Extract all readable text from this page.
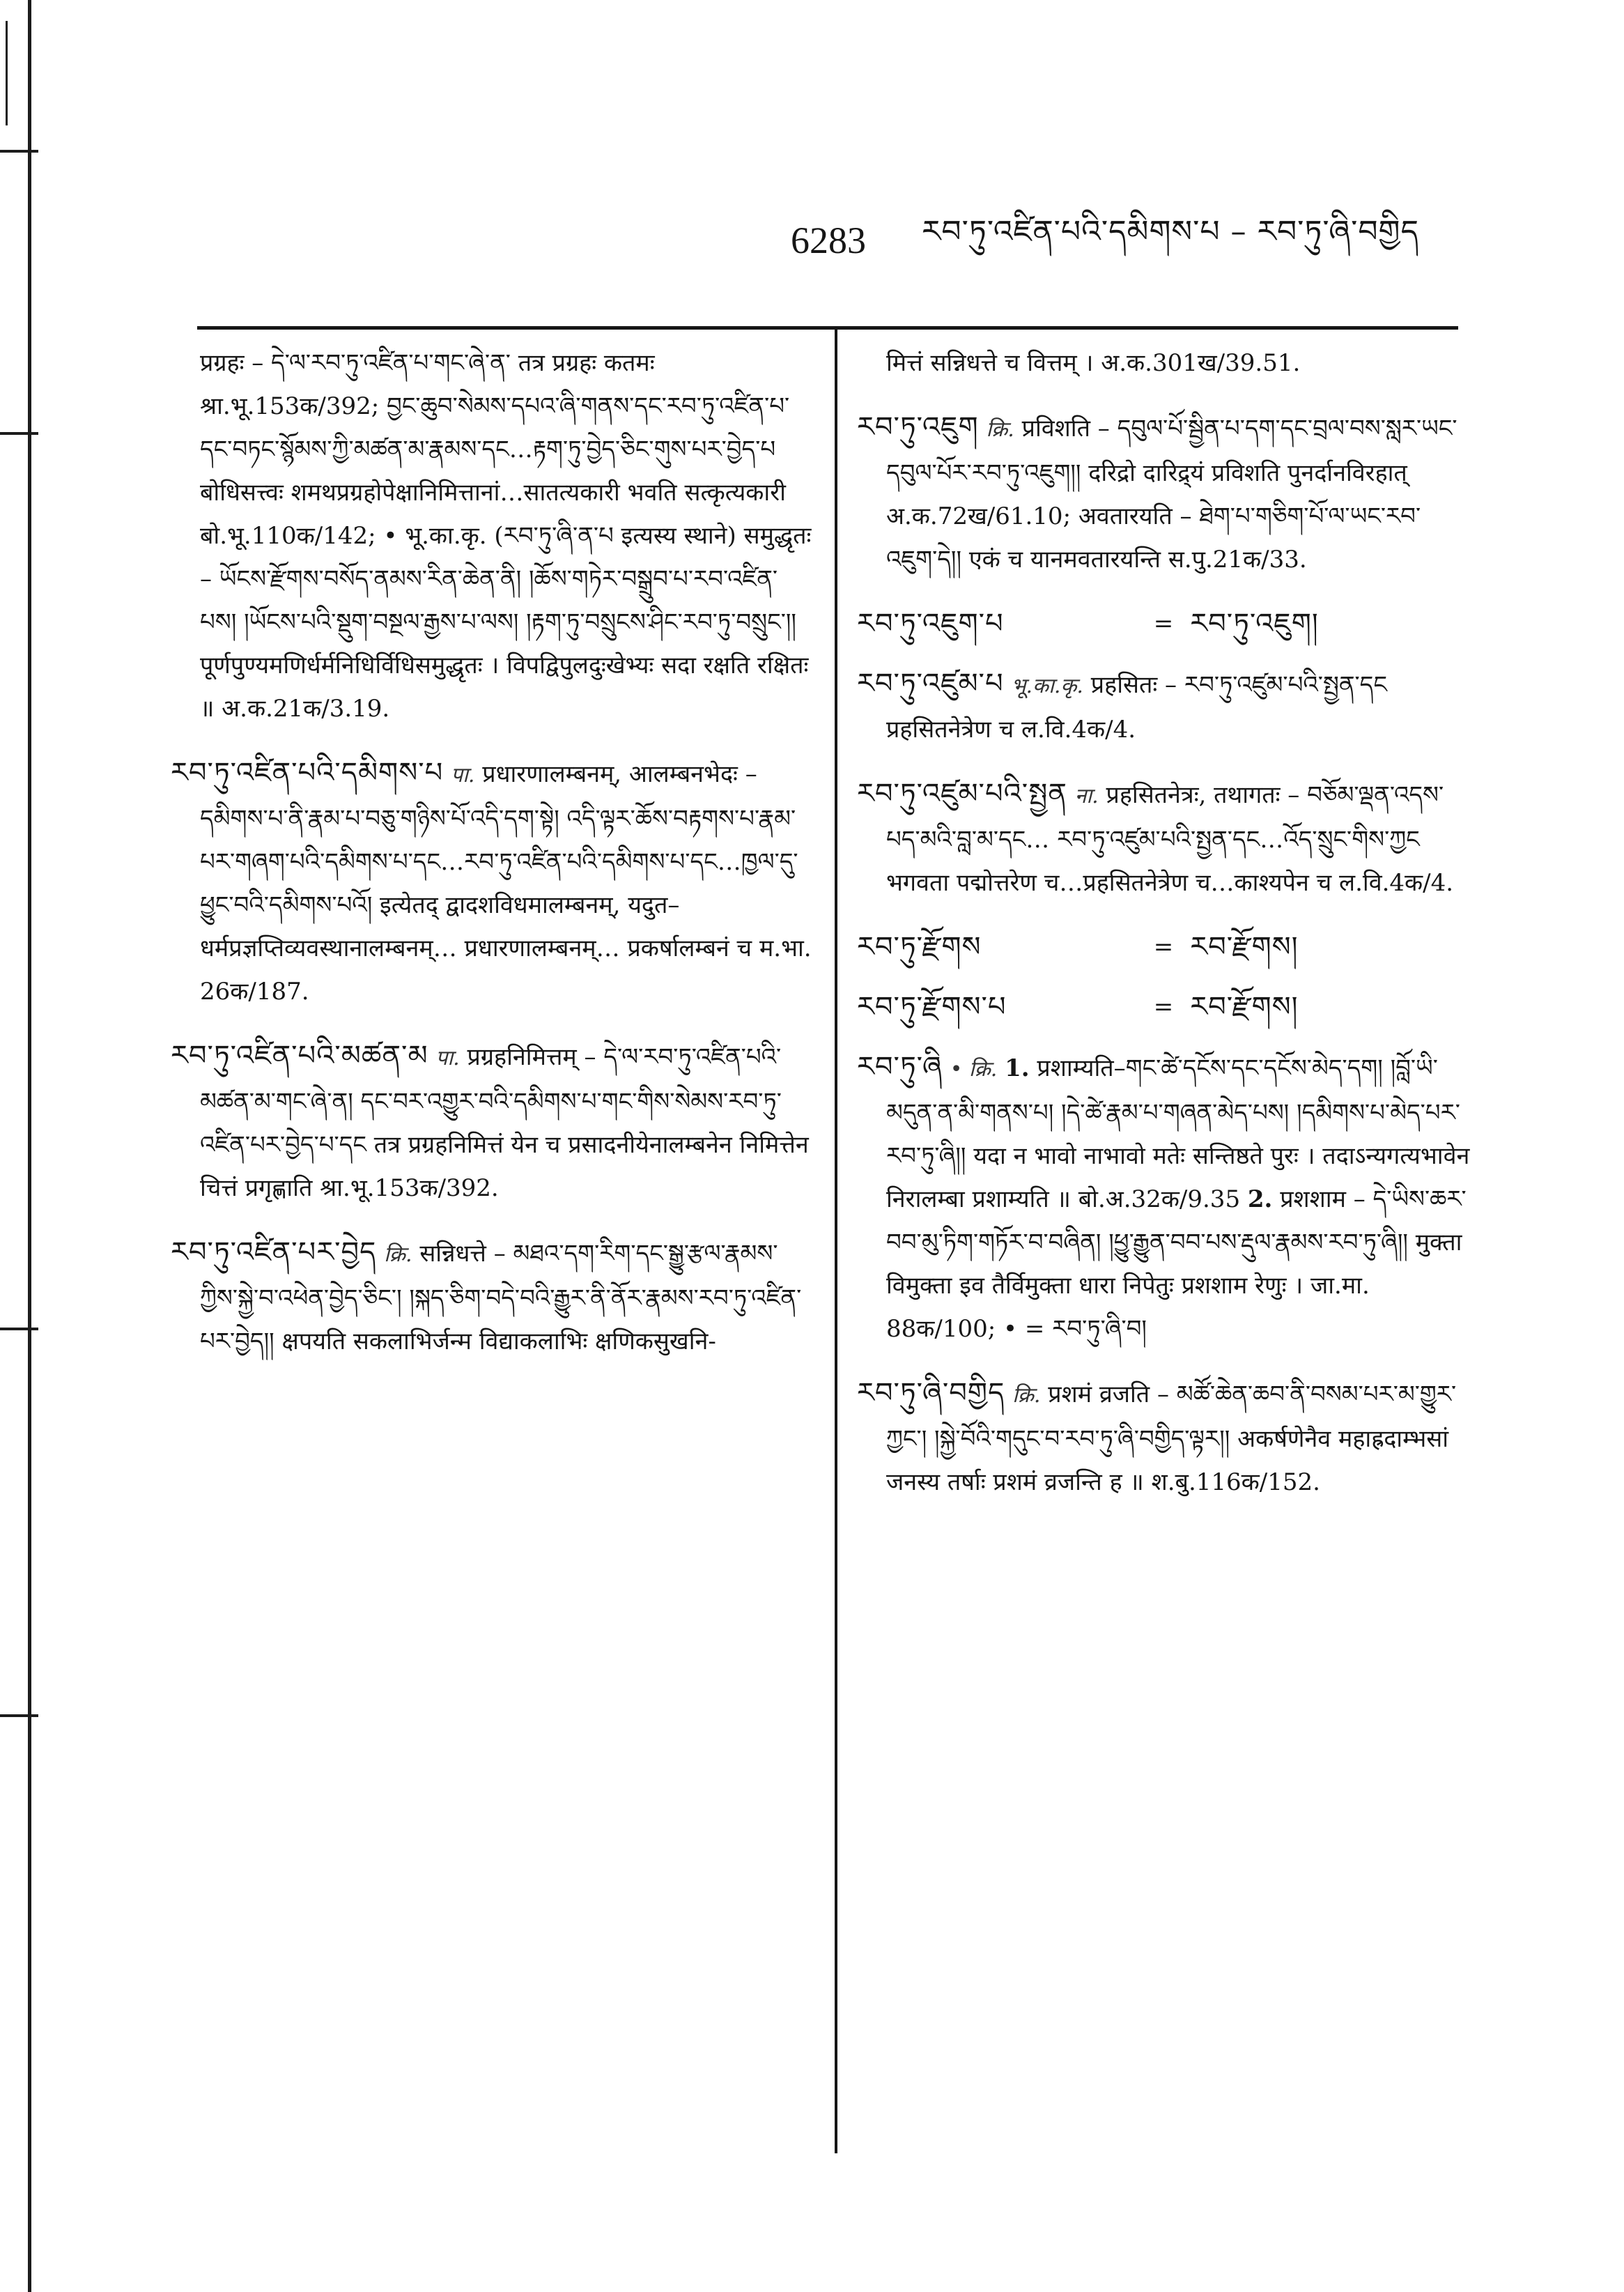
6283 རབ་ཏུ་འཛིན་པའི་དམིགས་པ – རབ་ཏུ་ཞི་བགྱིད
प्रग्रहः – དེ་ལ་རབ་ཏུ་འཛིན་པ་གང་ཞེ་ན་ तत्र प्रग्रहः कतमः श्रा.भू.153क/392; བྱང་ཆུབ་སེམས་དཔའ་ཞི་གནས་དང་རབ་ཏུ་འཛིན་པ་དང་བཏང་སྙོམས་ཀྱི་མཚན་མ་རྣམས་དང…རྟག་ཏུ་བྱེད་ཅིང་གུས་པར་བྱེད་པ बोधिसत्त्वः शमथप्रग्रहोपेक्षानिमित्तानां…सातत्यकारी भवति सत्कृत्यकारी बो.भू.110क/142; • भू.का.कृ. (རབ་ཏུ་ཞི་ན་པ इत्यस्य स्थाने) समुद्धृतः – ཡོངས་རྫོགས་བསོད་ནམས་རིན་ཆེན་ནི། །ཆོས་གཏེར་བསྒྲུབ་པ་རབ་འཛིན་པས། །ཡོངས་པའི་སྡུག་བསྔལ་རྒྱས་པ་ལས། །རྟག་ཏུ་བསྲུངས་ཤིང་རབ་ཏུ་བསྲུང་།། पूर्णपुण्यमणिर्धर्मनिधिर्विधिसमुद्धृतः । विपद्विपुलदुःखेभ्यः सदा रक्षति रक्षितः ॥ अ.क.21क/3.19.
རབ་ཏུ་འཛིན་པའི་དམིགས་པ पा. प्रधारणालम्बनम्, आलम्बनभेदः – དམིགས་པ་ནི་རྣམ་པ་བཅུ་གཉིས་པོ་འདི་དག་སྟེ། འདི་ལྟར་ཆོས་བརྟགས་པ་རྣམ་པར་གཞག་པའི་དམིགས་པ་དང…རབ་ཏུ་འཛིན་པའི་དམིགས་པ་དང…ཁྱལ་དུ་ཕྱུང་བའི་དམིགས་པའོ། इत्येतद् द्वादशविधमालम्बनम्, यदुत–धर्मप्रज्ञप्तिव्यवस्थानालम्बनम्… प्रधारणालम्बनम्… प्रकर्षालम्बनं च म.भा. 26क/187.
རབ་ཏུ་འཛིན་པའི་མཚན་མ पा. प्रग्रहनिमित्तम् – དེ་ལ་རབ་ཏུ་འཛིན་པའི་མཚན་མ་གང་ཞེ་ན། དང་བར་འགྱུར་བའི་དམིགས་པ་གང་གིས་སེམས་རབ་ཏུ་འཛིན་པར་བྱེད་པ་དང तत्र प्रग्रहनिमित्तं येन च प्रसादनीयेनालम्बनेन निमित्तेन चित्तं प्रगृह्णाति श्रा.भू.153क/392.
རབ་ཏུ་འཛིན་པར་བྱེད क्रि. सन्निधत्ते – མཐའ་དག་རིག་དང་སྒྱུ་རྩལ་རྣམས་ཀྱིས་སྐྱེ་བ་འཕེན་བྱེད་ཅིང་། །སྐད་ཅིག་བདེ་བའི་རྒྱུར་ནི་ནོར་རྣམས་རབ་ཏུ་འཛིན་པར་བྱེད།། क्षपयति सकलाभिर्जन्म विद्याकलाभिः क्षणिकसुखनि-
मित्तं सन्निधत्ते च वित्तम् । अ.क.301ख/39.51.
རབ་ཏུ་འཇུག क्रि. प्रविशति – དབུལ་པོ་སྦྱིན་པ་དག་དང་བྲལ་བས་སླར་ཡང་དབུལ་པོར་རབ་ཏུ་འཇུག།། दरिद्रो दारिद्र्यं प्रविशति पुनर्दानविरहात् अ.क.72ख/61.10; अवतारयति – ཐེག་པ་གཅིག་པོ་ལ་ཡང་རབ་འཇུག་དེ།། एकं च यानमवतारयन्ति स.पु.21क/33.
རབ་ཏུ་འཇུག་པ	= རབ་ཏུ་འཇུག།
རབ་ཏུ་འཛུམ་པ भू.का.कृ. प्रहसितः – རབ་ཏུ་འཛུམ་པའི་སྤྱན་དང प्रहसितनेत्रेण च ल.वि.4क/4.
རབ་ཏུ་འཛུམ་པའི་སྤྱན ना. प्रहसितनेत्रः, तथागतः – བཅོམ་ལྡན་འདས་པད་མའི་བླ་མ་དང… རབ་ཏུ་འཛུམ་པའི་སྤྱན་དང…འོད་སྲུང་གིས་ཀྱང भगवता पद्मोत्तरेण च…प्रहसितनेत्रेण च…काश्यपेन च ल.वि.4क/4.
རབ་ཏུ་རྫོགས	= རབ་རྫོགས།
རབ་ཏུ་རྫོགས་པ	= རབ་རྫོགས།
རབ་ཏུ་ཞི • क्रि. 1. प्रशाम्यति–གང་ཚེ་དངོས་དང་དངོས་མེད་དག། །བློ་ཡི་མདུན་ན་མི་གནས་པ། །དེ་ཚེ་རྣམ་པ་གཞན་མེད་པས། །དམིགས་པ་མེད་པར་རབ་ཏུ་ཞི།། यदा न भावो नाभावो मतेः सन्तिष्ठते पुरः । तदाऽन्यगत्यभावेन निरालम्बा प्रशाम्यति ॥ बो.अ.32क/9.35 2. प्रशशाम – དེ་ཡིས་ཆར་བབ་མུ་ཏིག་གཏོར་བ་བཞིན། །ཕྱུ་རྒྱུན་བབ་པས་རྡུལ་རྣམས་རབ་ཏུ་ཞི།། मुक्ता विमुक्ता इव तैर्विमुक्ता धारा निपेतुः प्रशशाम रेणुः । जा.मा. 88क/100; • = རབ་ཏུ་ཞི་བ།
རབ་ཏུ་ཞི་བགྱིད क्रि. प्रशमं व्रजति – མཚོ་ཆེན་ཆབ་ནི་བསམ་པར་མ་གྱུར་ཀྱང་། །སྐྱེ་བོའི་གདུང་བ་རབ་ཏུ་ཞི་བགྱིད་ལྟར།། अकर्षणेनैव महाह्रदाम्भसां जनस्य तर्षाः प्रशमं व्रजन्ति ह ॥ श.बु.116क/152.
